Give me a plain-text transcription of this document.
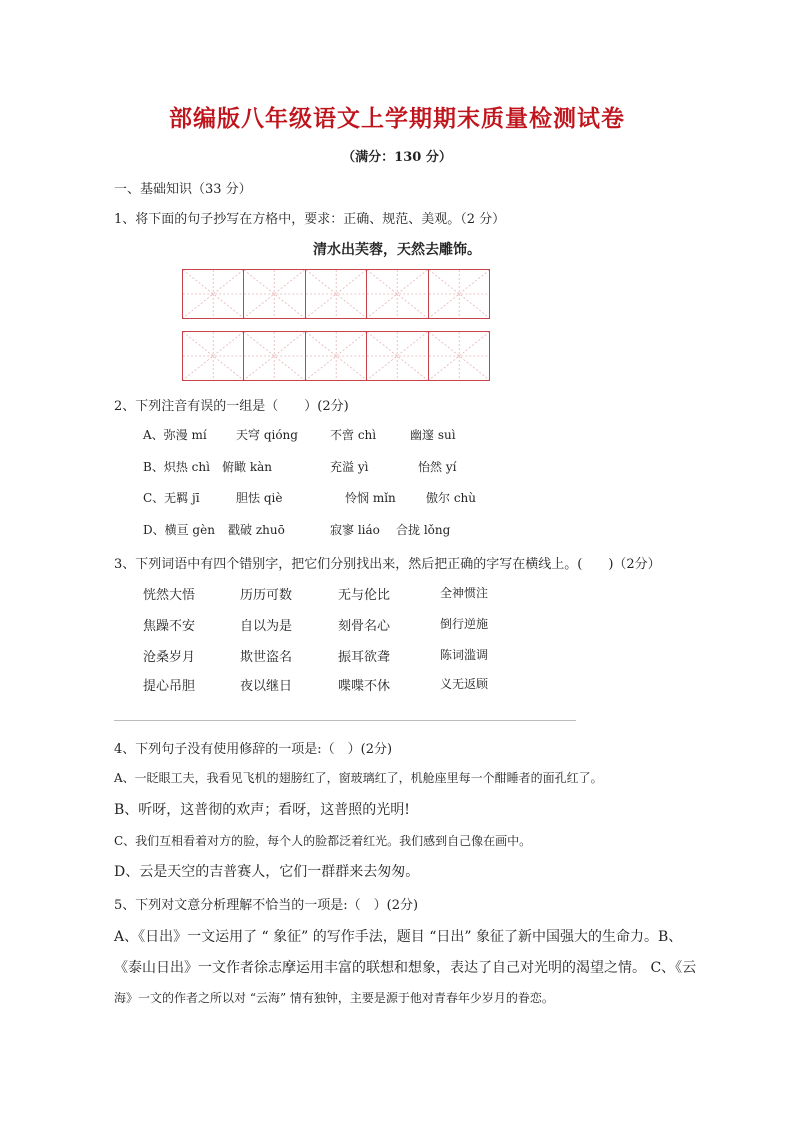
部编版八年级语文上学期期末质量检测试卷
（满分：130 分）
一、基础知识（33 分）
1、将下面的句子抄写在方格中，要求：正确、规范、美观。（2 分）
清水出芙蓉，天然去雕饰。
2、下列注音有误的一组是（　　）(2分)
A、弥漫 mí 天穹 qióng	不啻 chì	幽邃 suì
B、炽热 chì 俯瞰 kàn	充溢 yì	怡然 yí
C、无羁 jī	胆怯 qiè	怜悯 mǐn	傲尔 chù
D、横亘 gèn 戳破 zhuō	寂寥 liáo 合拢 lǒng
3、下列词语中有四个错别字，把它们分别找出来，然后把正确的字写在横线上。(　　)（2分）
恍然大悟	历历可数	无与伦比	全神惯注
焦躁不安	自以为是	刻骨名心	倒行逆施
沧桑岁月	欺世盗名	振耳欲聋	陈词滥调
提心吊胆	夜以继日	喋喋不休	义无返顾
4、下列句子没有使用修辞的一项是:（　）(2分)
A、一眨眼工夫，我看见飞机的翅膀红了，窗玻璃红了，机舱座里每一个酣睡者的面孔红了。
B、听呀，这普彻的欢声；看呀，这普照的光明!
C、我们互相看着对方的脸，每个人的脸都泛着红光。我们感到自己像在画中。
D、云是天空的吉普赛人，它们一群群来去匆匆。
5、下列对文意分析理解不恰当的一项是:（　）(2分)
A、《日出》一文运用了 “ 象征” 的写作手法，题目 “日出” 象征了新中国强大的生命力。B、
《泰山日出》一文作者徐志摩运用丰富的联想和想象，表达了自己对光明的渴望之情。 C、《云
海》一文的作者之所以对 “云海” 情有独钟，主要是源于他对青春年少岁月的眷恋。
